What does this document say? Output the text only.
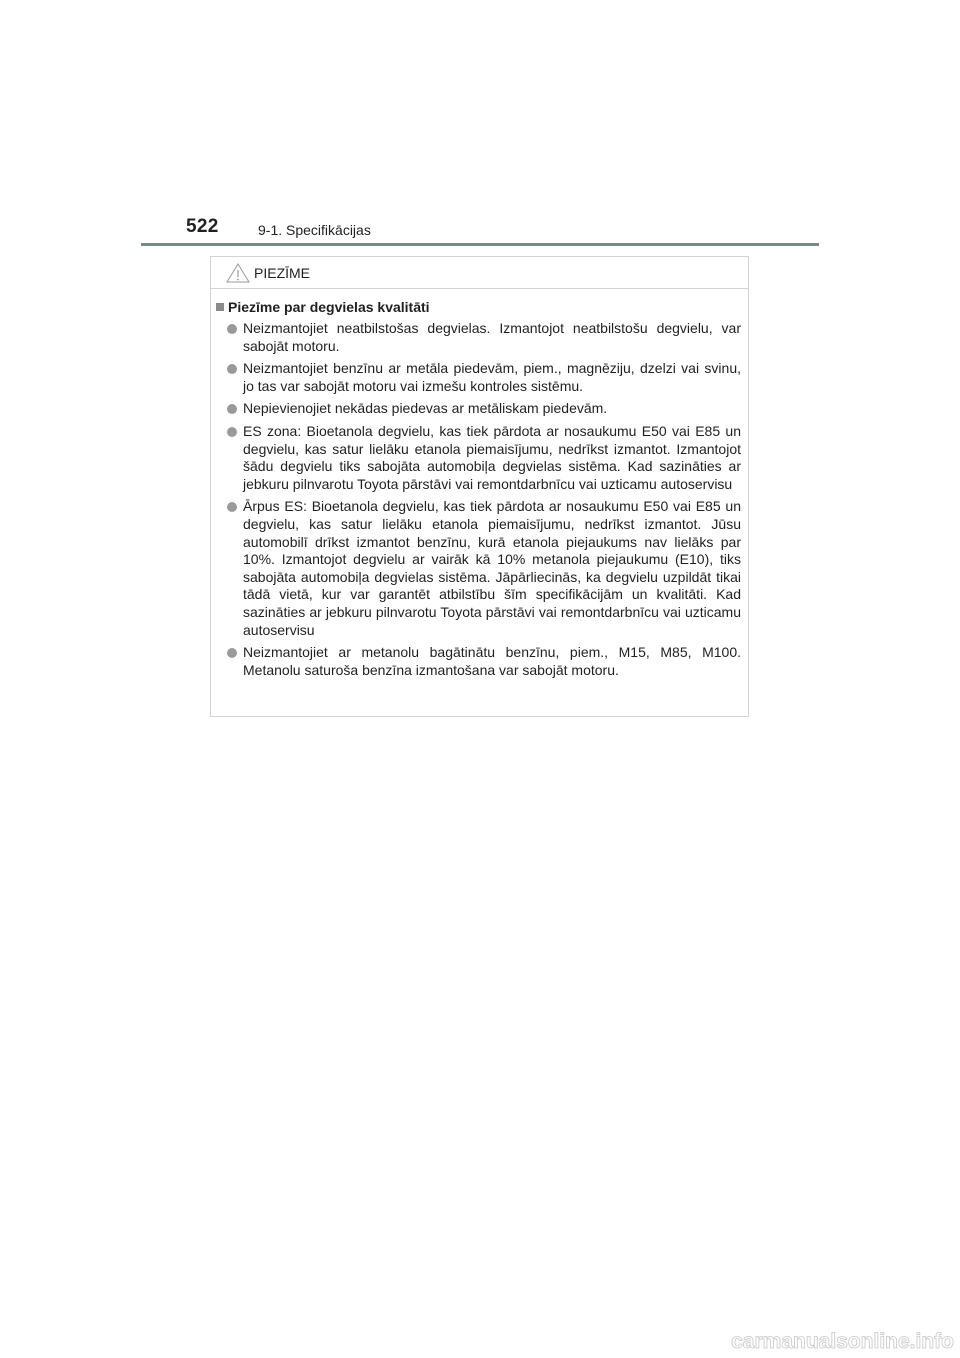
522	9-1. Specifikācijas
PIEZĪME
Piezīme par degvielas kvalitāti
Neizmantojiet neatbilstošas degvielas. Izmantojot neatbilstošu degvielu, var sabojāt motoru.
Neizmantojiet benzīnu ar metāla piedevām, piem., magnēziju, dzelzi vai svinu, jo tas var sabojāt motoru vai izmešu kontroles sistēmu.
Nepievienojiet nekādas piedevas ar metāliskam piedevām.
ES zona: Bioetanola degvielu, kas tiek pārdota ar nosaukumu E50 vai E85 un degvielu, kas satur lielāku etanola piemaisījumu, nedrīkst izmantot. Izmantojot šādu degvielu tiks sabojāta automobiļa degvielas sistēma. Kad sazināties ar jebkuru pilnvarotu Toyota pārstāvi vai remontdarbnīcu vai uzticamu autoservisu
Ārpus ES: Bioetanola degvielu, kas tiek pārdota ar nosaukumu E50 vai E85 un degvielu, kas satur lielāku etanola piemaisījumu, nedrīkst izmantot. Jūsu automobilī drīkst izmantot benzīnu, kurā etanola piejaukums nav lielāks par 10%. Izmantojot degvielu ar vairāk kā 10% metanola piejaukumu (E10), tiks sabojāta automobiļa degvielas sistēma. Jāpārliecinās, ka degvielu uzpildāt tikai tādā vietā, kur var garantēt atbilstību šīm specifikācijām un kvalitāti. Kad sazināties ar jebkuru pilnvarotu Toyota pārstāvi vai remontdarbnīcu vai uzticamu autoservisu
Neizmantojiet ar metanolu bagātinātu benzīnu, piem., M15, M85, M100. Metanolu saturoša benzīna izmantošana var sabojāt motoru.
carmanualsonline.info
